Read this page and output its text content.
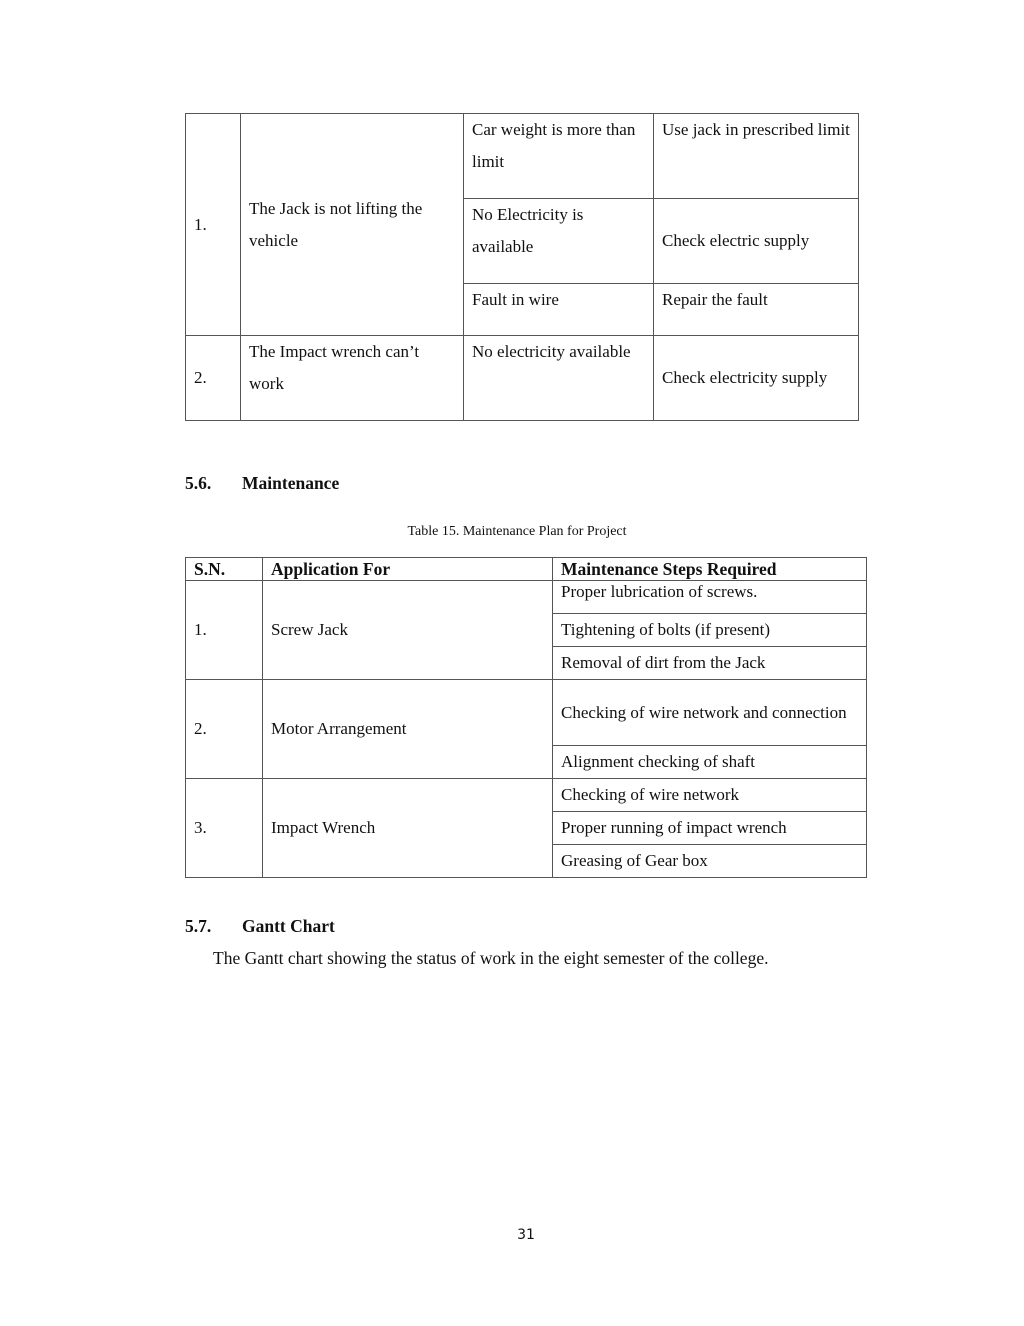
1.	The Jack is not lifting the vehicle	Car weight is more than limit	Use jack in prescribed limit
		No Electricity is available	Check electric supply
		Fault in wire	Repair the fault
2.	The Impact wrench can’t work	No electricity available	Check electricity supply
5.6. Maintenance
Table 15. Maintenance Plan for Project
S.N.	Application For	Maintenance Steps Required
1.	Screw Jack	Proper lubrication of screws.
		Tightening of bolts (if present)
		Removal of dirt from the Jack
2.	Motor Arrangement	Checking of wire network and connection
		Alignment checking of shaft
3.	Impact Wrench	Checking of wire network
		Proper running of impact wrench
		Greasing of Gear box
5.7. Gantt Chart
The Gantt chart showing the status of work in the eight semester of the college.
31
